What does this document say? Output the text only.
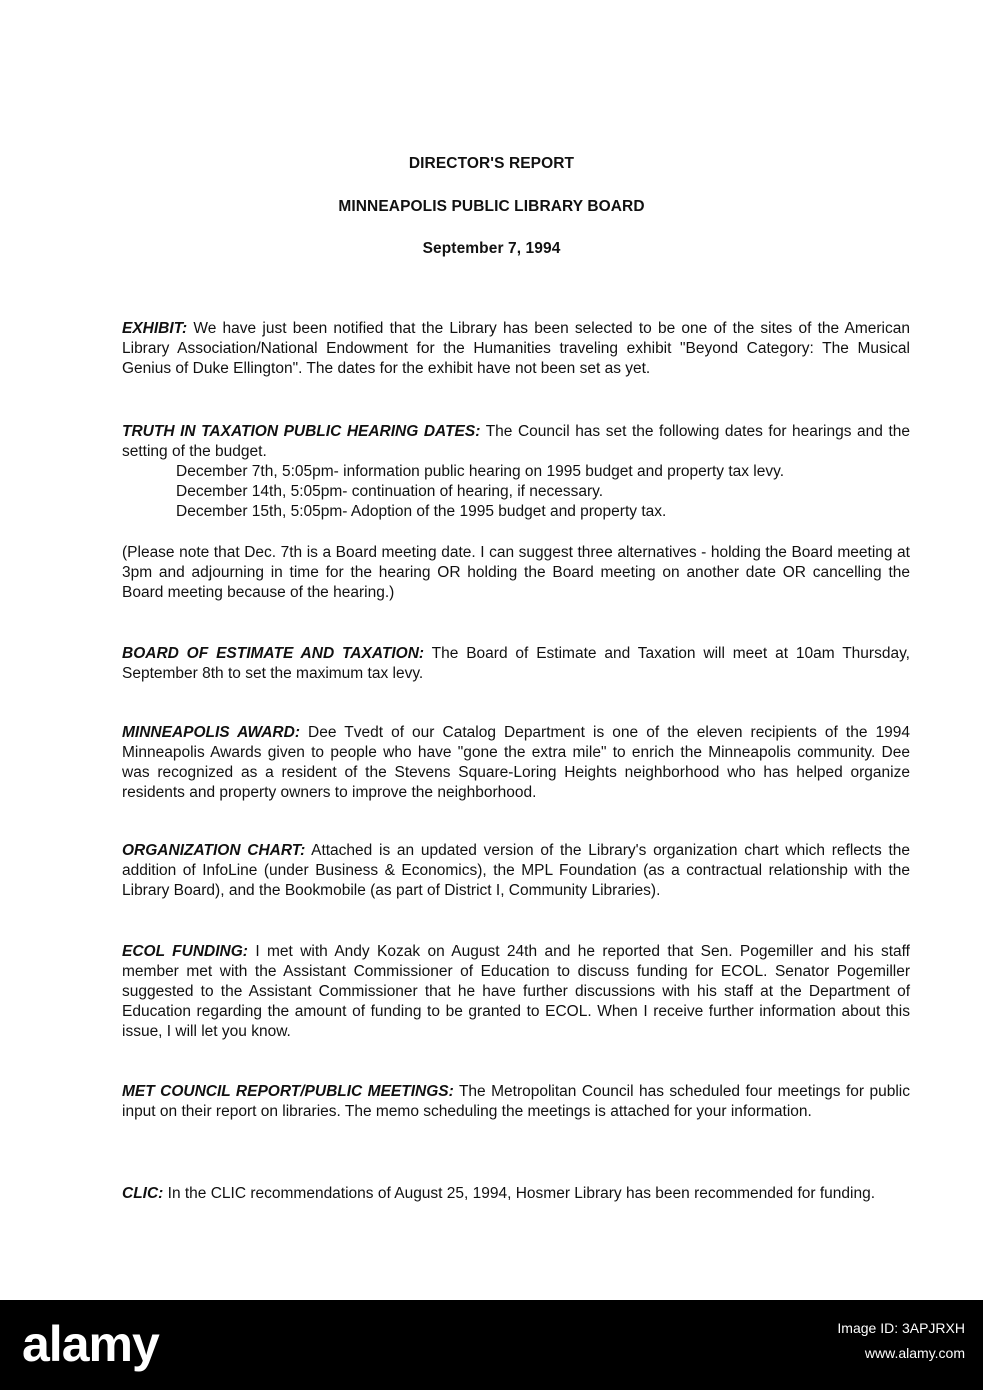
DIRECTOR'S REPORT
MINNEAPOLIS PUBLIC LIBRARY BOARD
September 7, 1994
EXHIBIT: We have just been notified that the Library has been selected to be one of the sites of the American Library Association/National Endowment for the Humanities traveling exhibit "Beyond Category: The Musical Genius of Duke Ellington". The dates for the exhibit have not been set as yet.
TRUTH IN TAXATION PUBLIC HEARING DATES: The Council has set the following dates for hearings and the setting of the budget.
December 7th, 5:05pm- information public hearing on 1995 budget and property tax levy.
December 14th, 5:05pm- continuation of hearing, if necessary.
December 15th, 5:05pm- Adoption of the 1995 budget and property tax.
(Please note that Dec. 7th is a Board meeting date. I can suggest three alternatives - holding the Board meeting at 3pm and adjourning in time for the hearing OR holding the Board meeting on another date OR cancelling the Board meeting because of the hearing.)
BOARD OF ESTIMATE AND TAXATION: The Board of Estimate and Taxation will meet at 10am Thursday, September 8th to set the maximum tax levy.
MINNEAPOLIS AWARD: Dee Tvedt of our Catalog Department is one of the eleven recipients of the 1994 Minneapolis Awards given to people who have "gone the extra mile" to enrich the Minneapolis community. Dee was recognized as a resident of the Stevens Square-Loring Heights neighborhood who has helped organize residents and property owners to improve the neighborhood.
ORGANIZATION CHART: Attached is an updated version of the Library's organization chart which reflects the addition of InfoLine (under Business & Economics), the MPL Foundation (as a contractual relationship with the Library Board), and the Bookmobile (as part of District I, Community Libraries).
ECOL FUNDING: I met with Andy Kozak on August 24th and he reported that Sen. Pogemiller and his staff member met with the Assistant Commissioner of Education to discuss funding for ECOL. Senator Pogemiller suggested to the Assistant Commissioner that he have further discussions with his staff at the Department of Education regarding the amount of funding to be granted to ECOL. When I receive further information about this issue, I will let you know.
MET COUNCIL REPORT/PUBLIC MEETINGS: The Metropolitan Council has scheduled four meetings for public input on their report on libraries. The memo scheduling the meetings is attached for your information.
CLIC: In the CLIC recommendations of August 25, 1994, Hosmer Library has been recommended for funding.
alamy	Image ID: 3APJRXH
www.alamy.com
